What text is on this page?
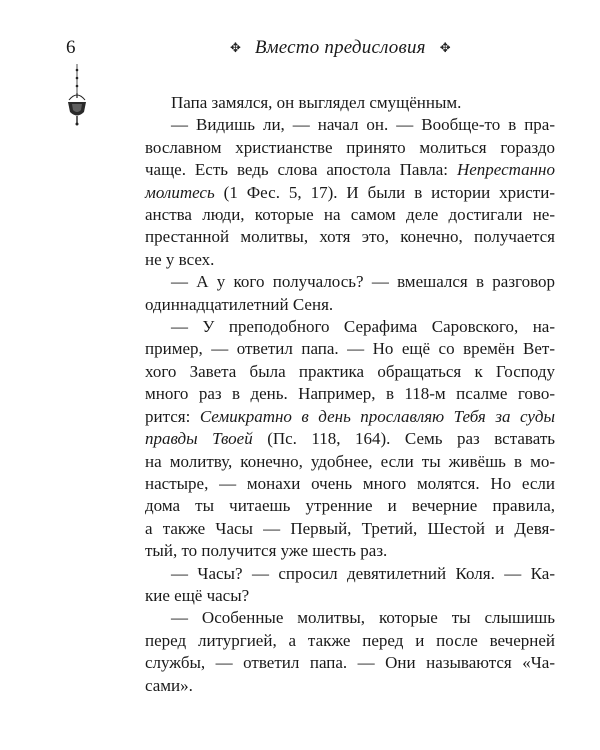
6	✥ Вместо предисловия ✥
Папа замялся, он выглядел смущённым.
— Видишь ли, — начал он. — Вообще-то в пра-
вославном христианстве принято молиться гораздо
чаще. Есть ведь слова апостола Павла: Непрестанно
молитесь (1 Фес. 5, 17). И были в истории христи-
анства люди, которые на самом деле достигали не-
престанной молитвы, хотя это, конечно, получается
не у всех.
— А у кого получалось? — вмешался в разговор
одиннадцатилетний Сеня.
— У преподобного Серафима Саровского, на-
пример, — ответил папа. — Но ещё со времён Вет-
хого Завета была практика обращаться к Господу
много раз в день. Например, в 118-м псалме гово-
рится: Семикратно в день прославляю Тебя за суды
правды Твоей (Пс. 118, 164). Семь раз вставать
на молитву, конечно, удобнее, если ты живёшь в мо-
настыре, — монахи очень много молятся. Но если
дома ты читаешь утренние и вечерние правила,
а также Часы — Первый, Третий, Шестой и Девя-
тый, то получится уже шесть раз.
— Часы? — спросил девятилетний Коля. — Ка-
кие ещё часы?
— Особенные молитвы, которые ты слышишь
перед литургией, а также перед и после вечерней
службы, — ответил папа. — Они называются «Ча-
сами».
